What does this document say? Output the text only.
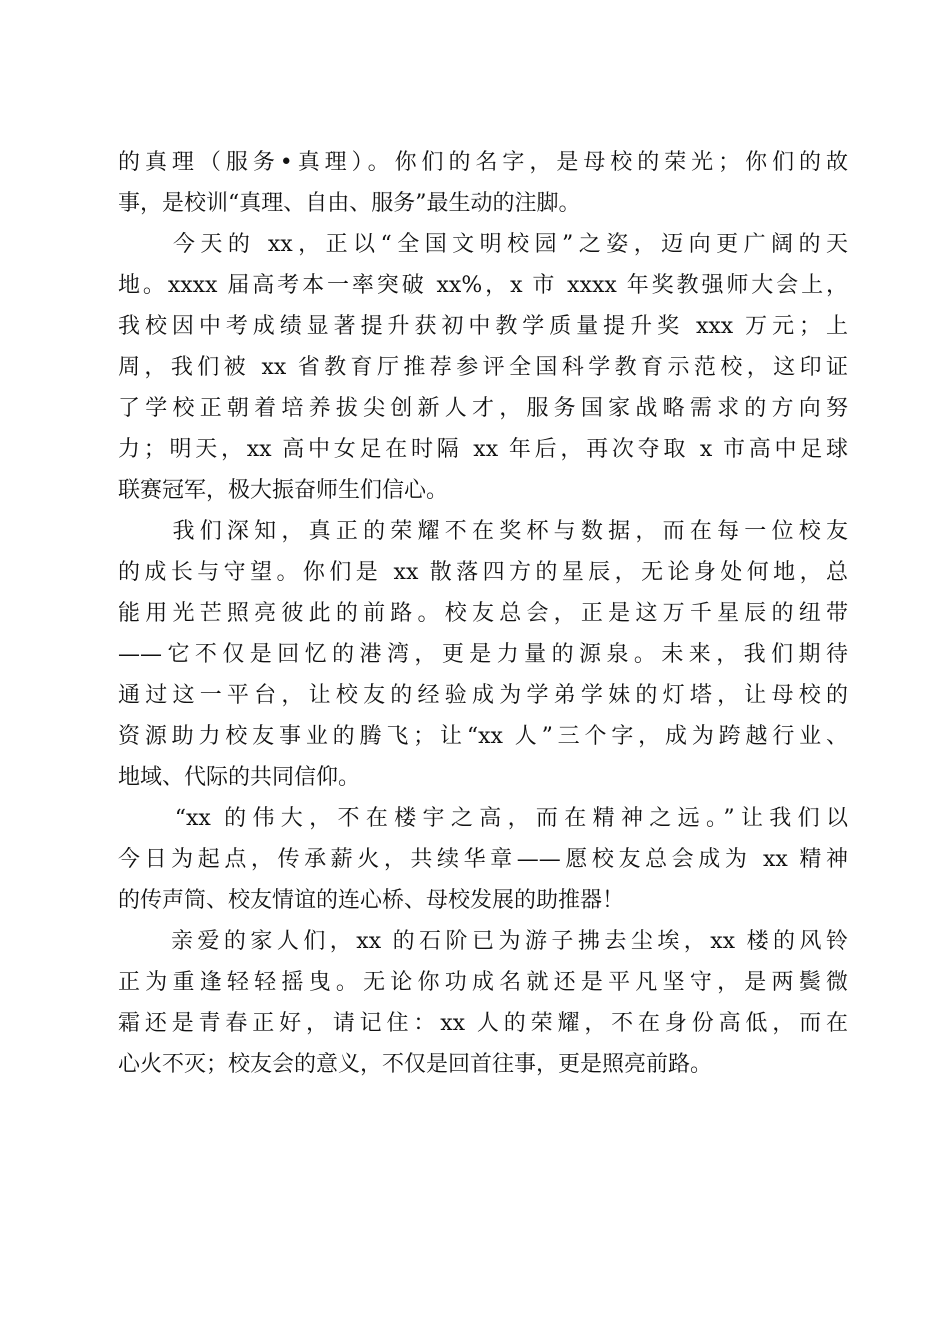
的真理（服务•真理）。你们的名字，是母校的荣光；你们的故
事，是校训“真理、自由、服务”最生动的注脚。
　　今天的 xx，正以“全国文明校园”之姿，迈向更广阔的天
地。xxxx 届高考本一率突破 xx%，x 市 xxxx 年奖教强师大会上，
我校因中考成绩显著提升获初中教学质量提升奖 xxx 万元；上
周，我们被 xx 省教育厅推荐参评全国科学教育示范校，这印证
了学校正朝着培养拔尖创新人才，服务国家战略需求的方向努
力；明天，xx 高中女足在时隔 xx 年后，再次夺取 x 市高中足球
联赛冠军，极大振奋师生们信心。
　　我们深知，真正的荣耀不在奖杯与数据，而在每一位校友
的成长与守望。你们是 xx 散落四方的星辰，无论身处何地，总
能用光芒照亮彼此的前路。校友总会，正是这万千星辰的纽带
——它不仅是回忆的港湾，更是力量的源泉。未来，我们期待
通过这一平台，让校友的经验成为学弟学妹的灯塔，让母校的
资源助力校友事业的腾飞；让“xx 人”三个字，成为跨越行业、
地域、代际的共同信仰。
　　“xx 的伟大，不在楼宇之高，而在精神之远。”让我们以
今日为起点，传承薪火，共续华章——愿校友总会成为 xx 精神
的传声筒、校友情谊的连心桥、母校发展的助推器！
　　亲爱的家人们，xx 的石阶已为游子拂去尘埃，xx 楼的风铃
正为重逢轻轻摇曳。无论你功成名就还是平凡坚守，是两鬓微
霜还是青春正好，请记住：xx 人的荣耀，不在身份高低，而在
心火不灭；校友会的意义，不仅是回首往事，更是照亮前路。
